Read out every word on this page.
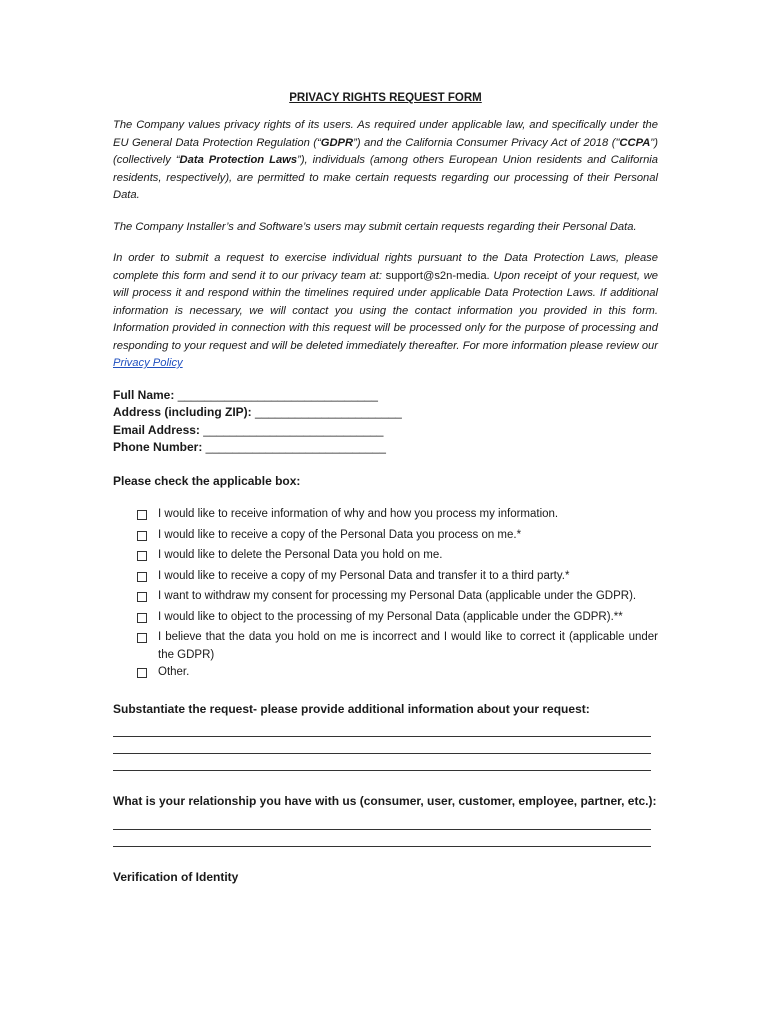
PRIVACY RIGHTS REQUEST FORM

The Company values privacy rights of its users. As required under applicable law, and specifically under the EU General Data Protection Regulation (“GDPR”) and the California Consumer Privacy Act of 2018 ("CCPA") (collectively “Data Protection Laws”), individuals (among others European Union residents and California residents, respectively), are permitted to make certain requests regarding our processing of their Personal Data.

The Company Installer’s and Software’s users may submit certain requests regarding their Personal Data.

In order to submit a request to exercise individual rights pursuant to the Data Protection Laws, please complete this form and send it to our privacy team at: support@s2n-media. Upon receipt of your request, we will process it and respond within the timelines required under applicable Data Protection Laws. If additional information is necessary, we will contact you using the contact information you provided in this form. Information provided in connection with this request will be processed only for the purpose of processing and responding to your request and will be deleted immediately thereafter. For more information please review our Privacy Policy

Full Name: ______________________________
Address (including ZIP): ______________________
Email Address: ___________________________
Phone Number: ___________________________
Please check the applicable box:
I would like to receive information of why and how you process my information.
I would like to receive a copy of the Personal Data you process on me.*
I would like to delete the Personal Data you hold on me.
I would like to receive a copy of my Personal Data and transfer it to a third party.*
I want to withdraw my consent for processing my Personal Data (applicable under the GDPR).
I would like to object to the processing of my Personal Data (applicable under the GDPR).**
I believe that the data you hold on me is incorrect and I would like to correct it (applicable under the GDPR)
Other.
Substantiate the request- please provide additional information about your request:
What is your relationship you have with us (consumer, user, customer, employee, partner, etc.):
Verification of Identity
